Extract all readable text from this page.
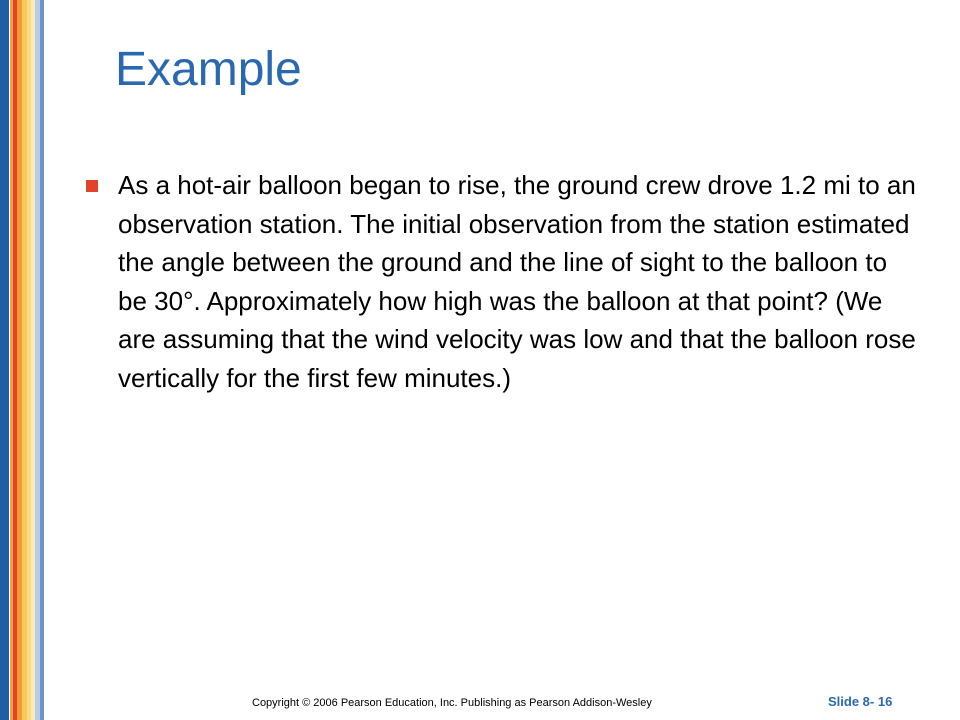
Example

As a hot-air balloon began to rise, the ground crew drove 1.2 mi to an observation station. The initial observation from the station estimated the angle between the ground and the line of sight to the balloon to be 30°. Approximately how high was the balloon at that point? (We are assuming that the wind velocity was low and that the balloon rose vertically for the first few minutes.)

Copyright © 2006 Pearson Education, Inc. Publishing as Pearson Addison-Wesley	Slide 8- 16
